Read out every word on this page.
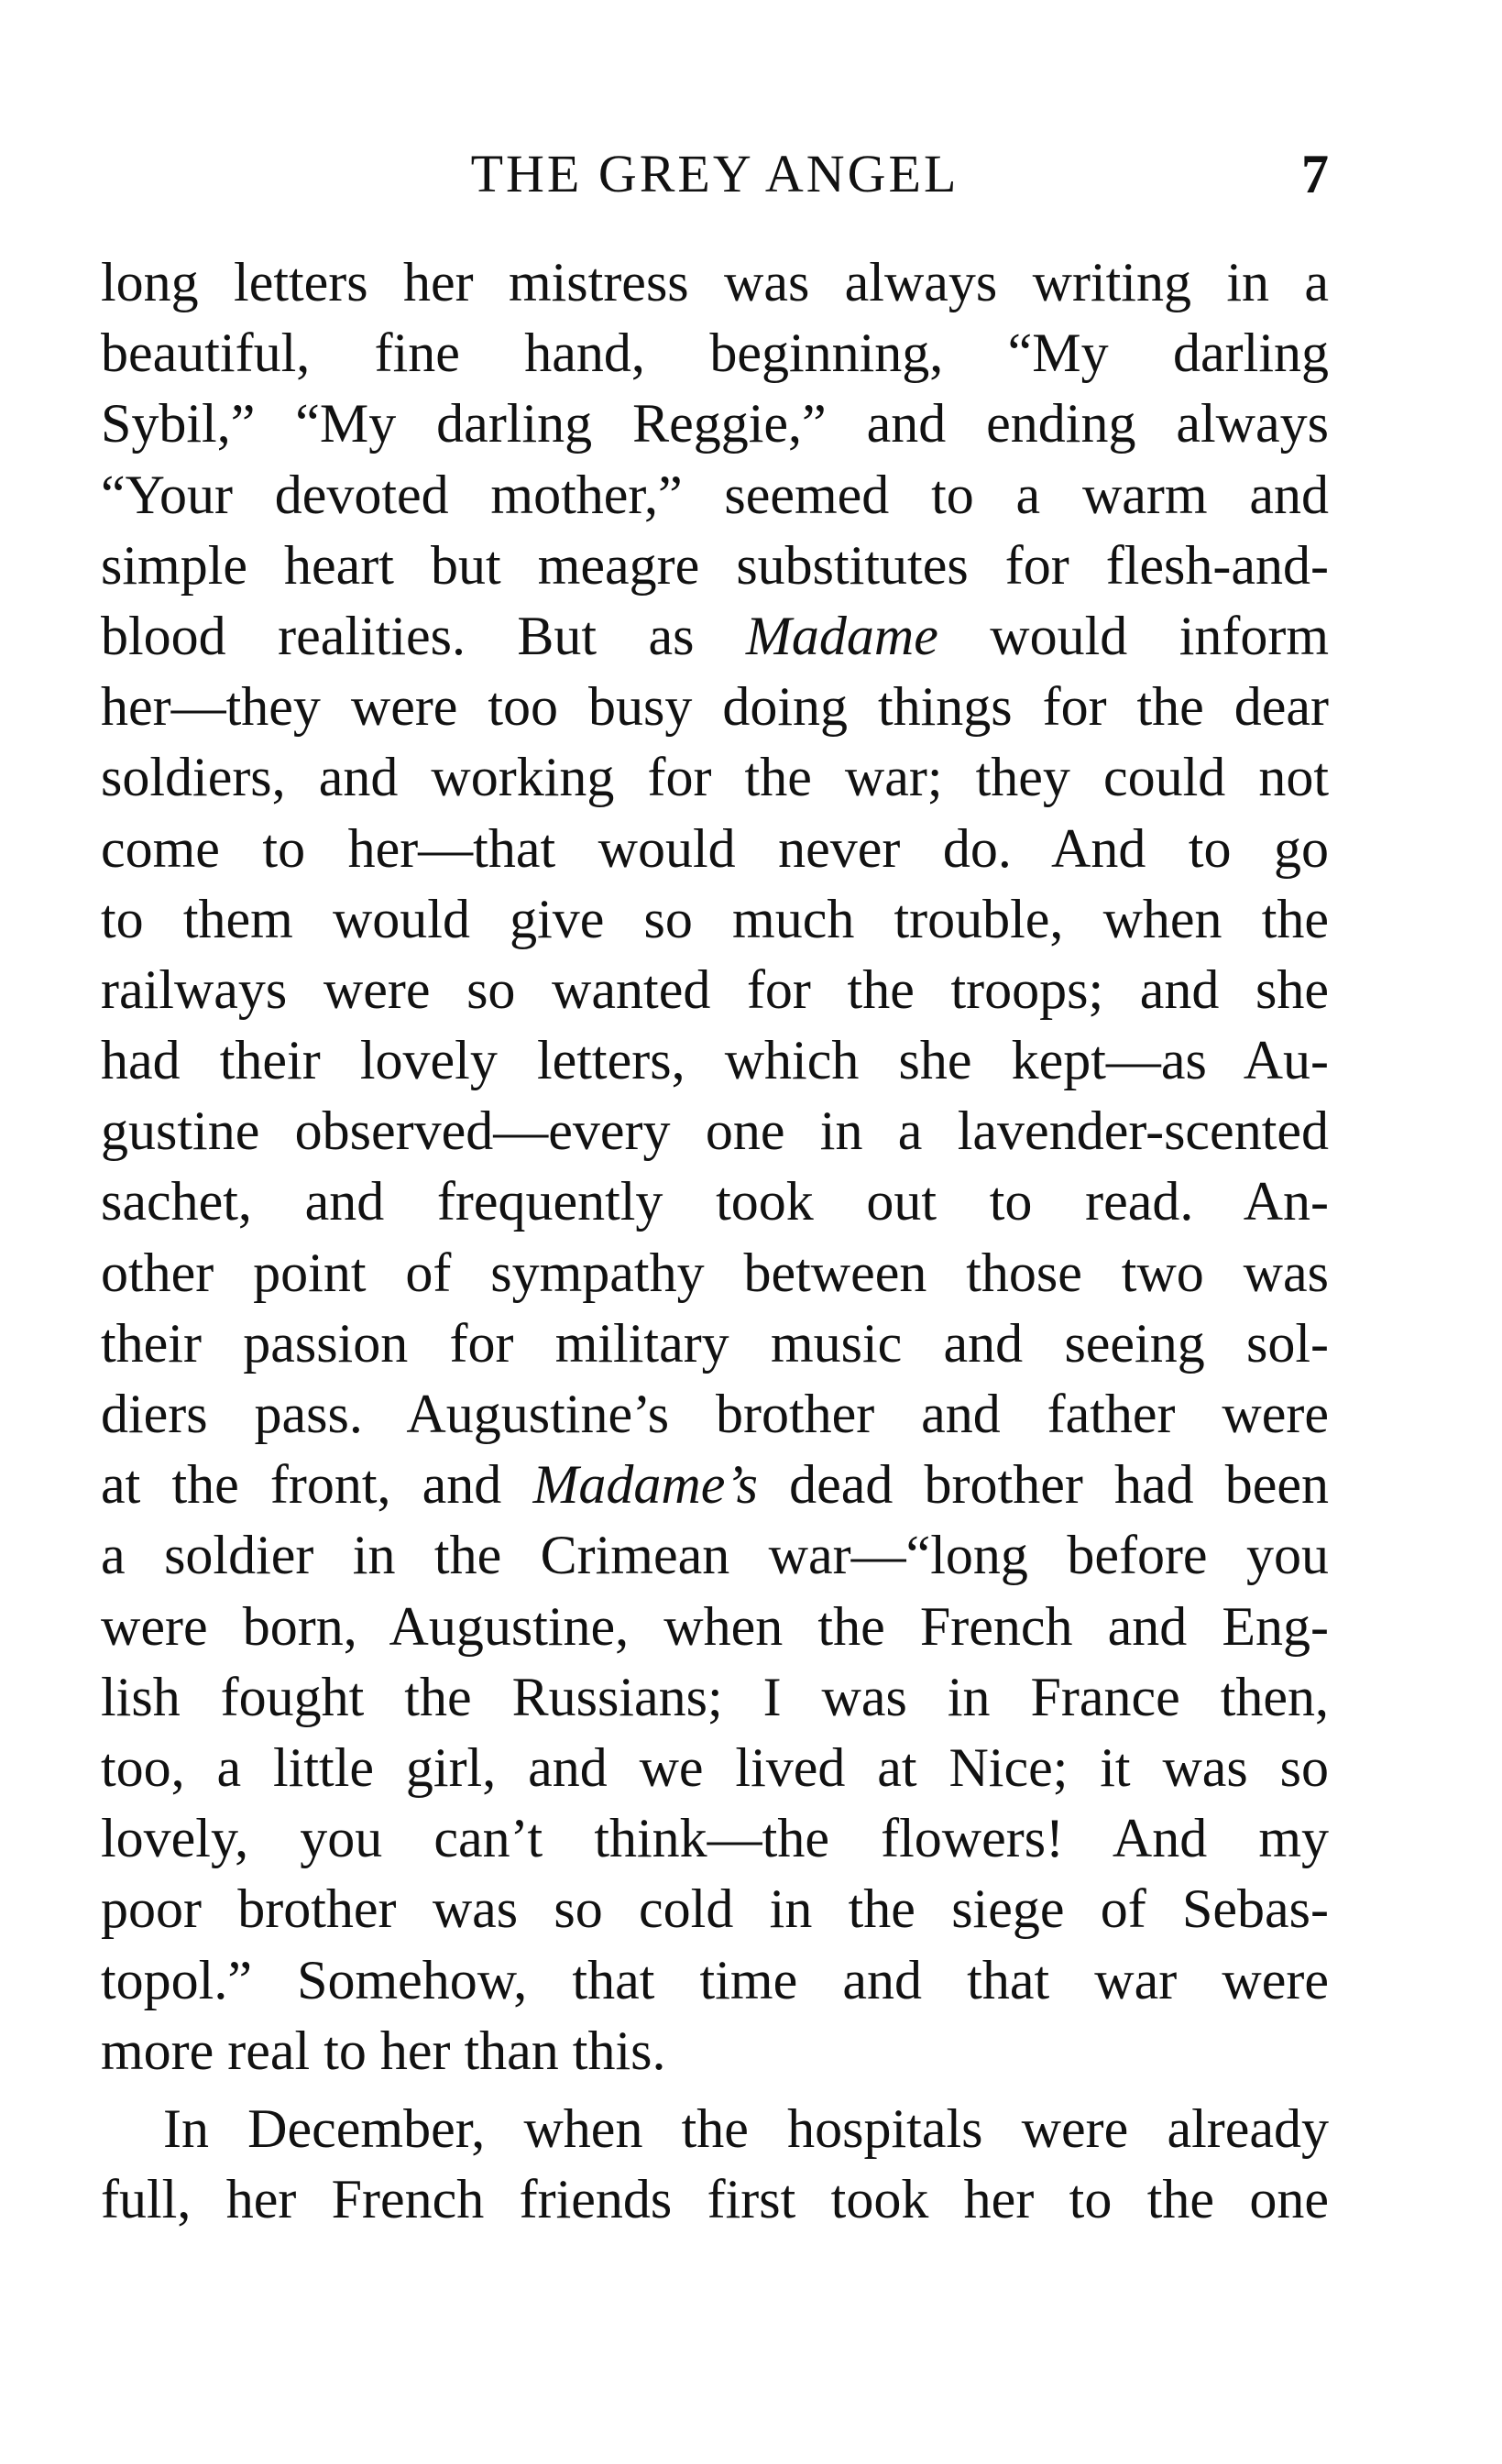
THE GREY ANGEL	7
long letters her mistress was always writing in a
beautiful, fine hand, beginning, “My darling
Sybil,” “My darling Reggie,” and ending always
“Your devoted mother,” seemed to a warm and
simple heart but meagre substitutes for flesh-and-
blood realities. But as Madame would inform
her—they were too busy doing things for the dear
soldiers, and working for the war; they could not
come to her—that would never do. And to go
to them would give so much trouble, when the
railways were so wanted for the troops; and she
had their lovely letters, which she kept—as Au-
gustine observed—every one in a lavender-scented
sachet, and frequently took out to read. An-
other point of sympathy between those two was
their passion for military music and seeing sol-
diers pass. Augustine’s brother and father were
at the front, and Madame’s dead brother had been
a soldier in the Crimean war—“long before you
were born, Augustine, when the French and Eng-
lish fought the Russians; I was in France then,
too, a little girl, and we lived at Nice; it was so
lovely, you can’t think—the flowers! And my
poor brother was so cold in the siege of Sebas-
topol.” Somehow, that time and that war were
more real to her than this.
In December, when the hospitals were already
full, her French friends first took her to the one
